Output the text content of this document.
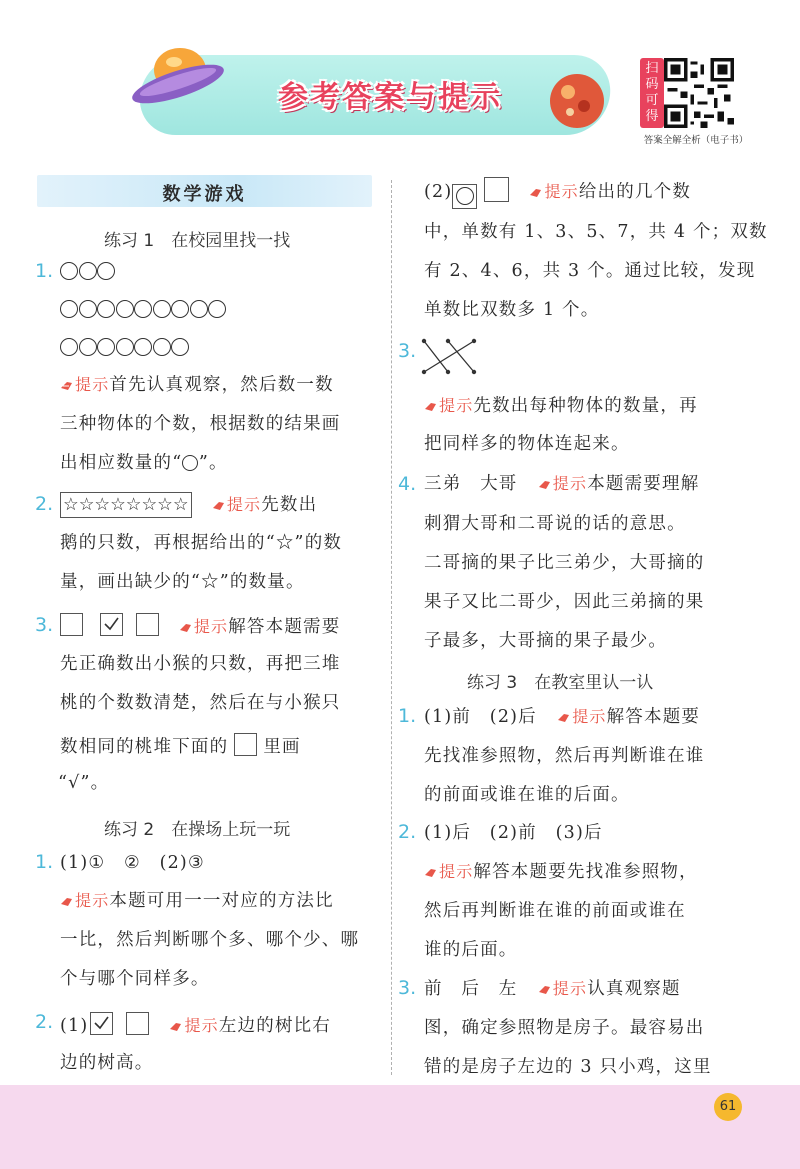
参考答案与提示
扫码可得
答案全解全析（电子书）
数学游戏
练习 1　在校园里找一找
1.
提示首先认真观察，然后数一数
三种物体的个数，根据数的结果画
出相应数量的“ ”。
2. ☆☆☆☆☆☆☆☆ 提示先数出
鹅的只数，再根据给出的“☆”的数
量，画出缺少的“☆”的数量。
3.
	提示解答本题需要
先正确数出小猴的只数，再把三堆
桃的个数数清楚，然后在与小猴只
数相同的桃堆下面的 里画
“√”。
练习 2　在操场上玩一玩
1. (1)①　②　(2)③
提示本题可用一一对应的方法比
一比，然后判断哪个多、哪个少、哪
个与哪个同样多。
2. (1)	提示左边的树比右
边的树高。
(2)	提示给出的几个数
中，单数有 1、3、5、7，共 4 个；双数
有 2、4、6，共 3 个。通过比较，发现
单数比双数多 1 个。
3.
提示先数出每种物体的数量，再
把同样多的物体连起来。
4. 三弟　大哥 提示本题需要理解
刺猬大哥和二哥说的话的意思。
二哥摘的果子比三弟少，大哥摘的
果子又比二哥少，因此三弟摘的果
子最多，大哥摘的果子最少。
练习 3　在教室里认一认
1. (1)前　(2)后 提示解答本题要
先找准参照物，然后再判断谁在谁
的前面或谁在谁的后面。
2. (1)后　(2)前　(3)后
提示解答本题要先找准参照物，
然后再判断谁在谁的前面或谁在
谁的后面。
3. 前　后　左 提示认真观察题
图，确定参照物是房子。最容易出
错的是房子左边的 3 只小鸡，这里
61
